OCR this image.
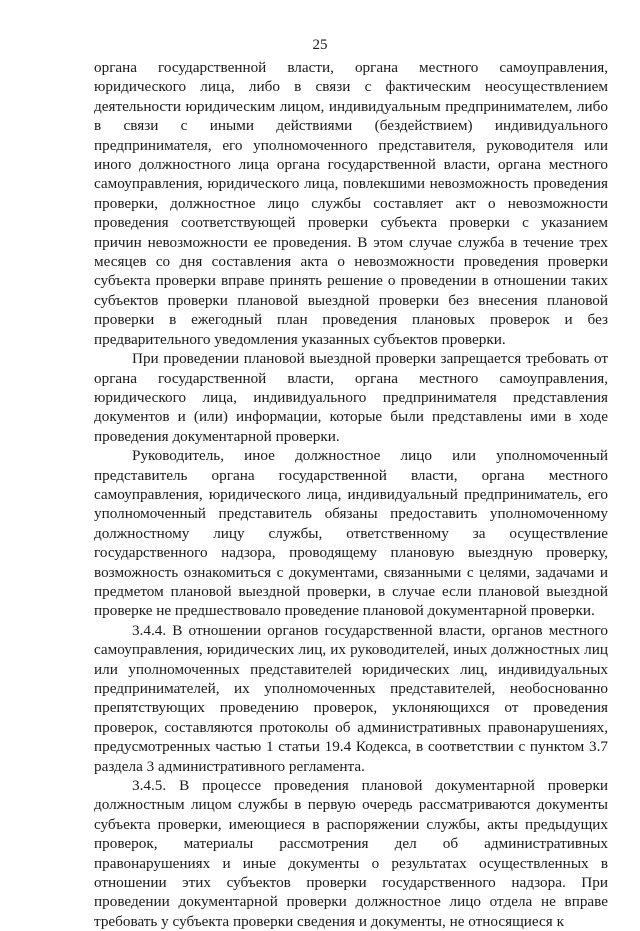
25

органа государственной власти, органа местного самоуправления, юридического лица, либо в связи с фактическим неосуществлением деятельности юридическим лицом, индивидуальным предпринимателем, либо в связи с иными действиями (бездействием) индивидуального предпринимателя, его уполномоченного представителя, руководителя или иного должностного лица органа государственной власти, органа местного самоуправления, юридического лица, повлекшими невозможность проведения проверки, должностное лицо службы составляет акт о невозможности проведения соответствующей проверки субъекта проверки с указанием причин невозможности ее проведения. В этом случае служба в течение трех месяцев со дня составления акта о невозможности проведения проверки субъекта проверки вправе принять решение о проведении в отношении таких субъектов проверки плановой выездной проверки без внесения плановой проверки в ежегодный план проведения плановых проверок и без предварительного уведомления указанных субъектов проверки.

При проведении плановой выездной проверки запрещается требовать от органа государственной власти, органа местного самоуправления, юридического лица, индивидуального предпринимателя представления документов и (или) информации, которые были представлены ими в ходе проведения документарной проверки.

Руководитель, иное должностное лицо или уполномоченный представитель органа государственной власти, органа местного самоуправления, юридического лица, индивидуальный предприниматель, его уполномоченный представитель обязаны предоставить уполномоченному должностному лицу службы, ответственному за осуществление государственного надзора, проводящему плановую выездную проверку, возможность ознакомиться с документами, связанными с целями, задачами и предметом плановой выездной проверки, в случае если плановой выездной проверке не предшествовало проведение плановой документарной проверки.

3.4.4. В отношении органов государственной власти, органов местного самоуправления, юридических лиц, их руководителей, иных должностных лиц или уполномоченных представителей юридических лиц, индивидуальных предпринимателей, их уполномоченных представителей, необоснованно препятствующих проведению проверок, уклоняющихся от проведения проверок, составляются протоколы об административных правонарушениях, предусмотренных частью 1 статьи 19.4 Кодекса, в соответствии с пунктом 3.7 раздела 3 административного регламента.

3.4.5. В процессе проведения плановой документарной проверки должностным лицом службы в первую очередь рассматриваются документы субъекта проверки, имеющиеся в распоряжении службы, акты предыдущих проверок, материалы рассмотрения дел об административных правонарушениях и иные документы о результатах осуществленных в отношении этих субъектов проверки государственного надзора. При проведении документарной проверки должностное лицо отдела не вправе требовать у субъекта проверки сведения и документы, не относящиеся к
